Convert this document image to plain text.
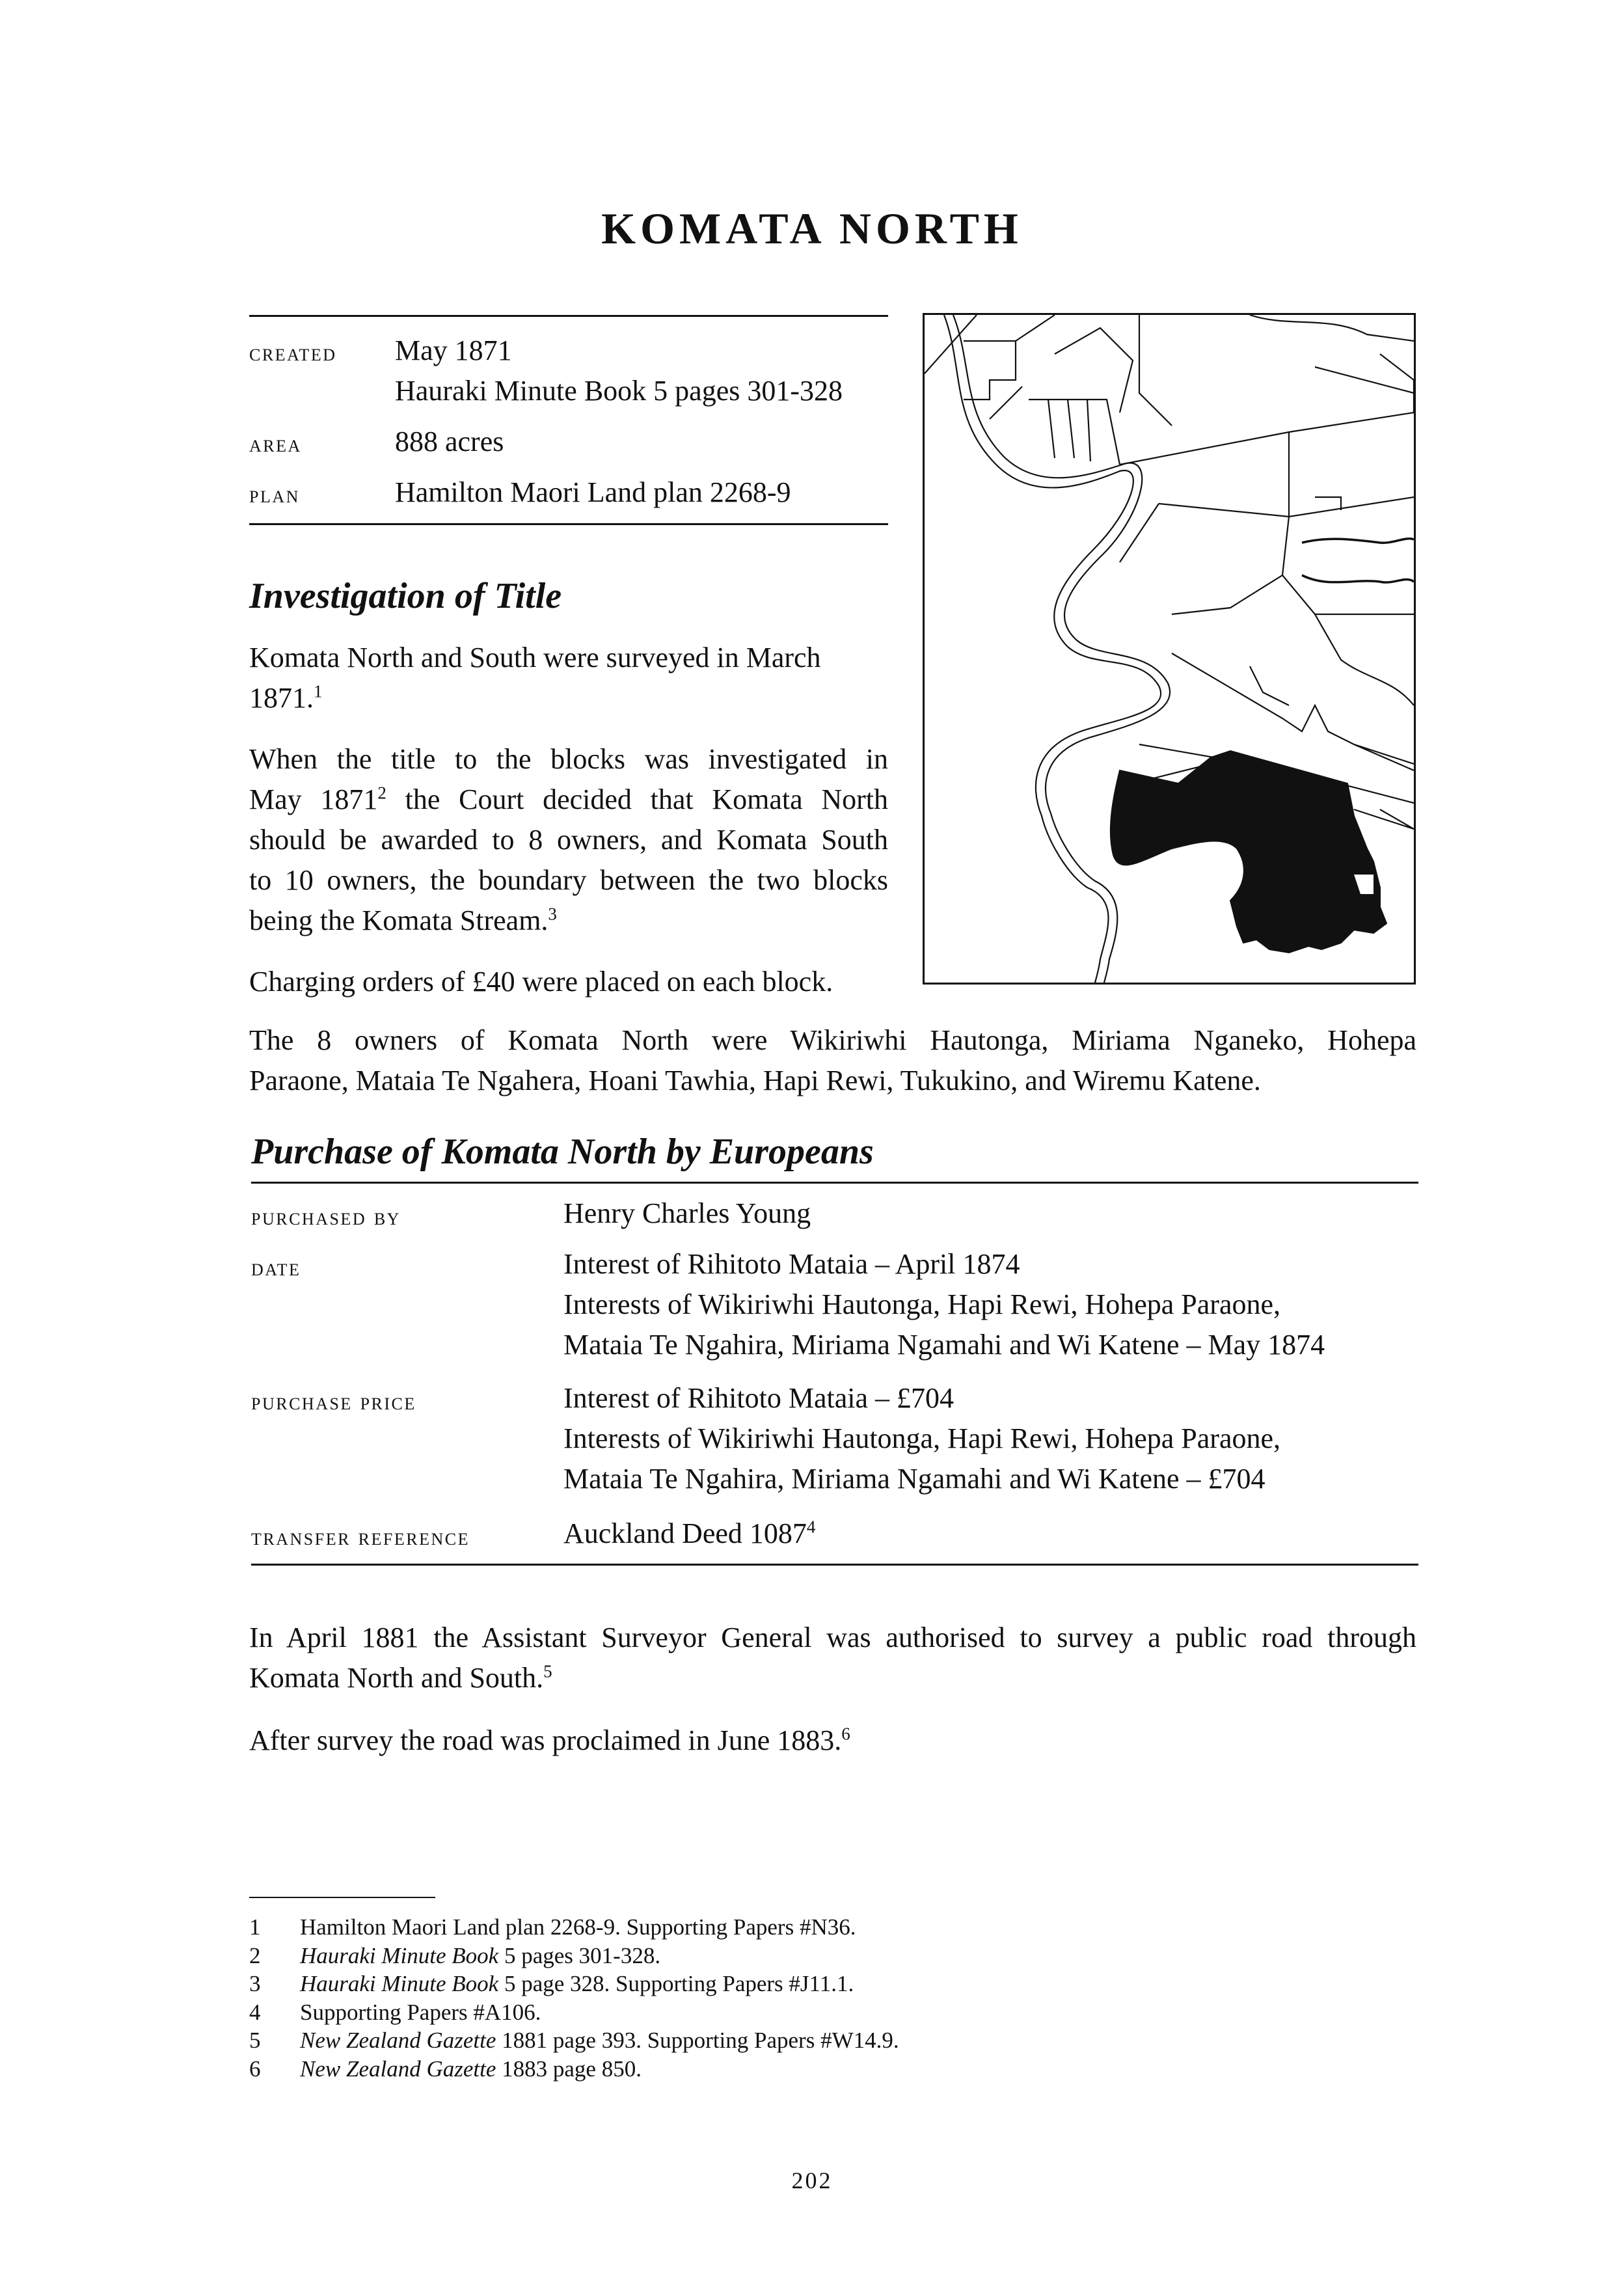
KOMATA NORTH
created May 1871
Hauraki Minute Book 5 pages 301-328
area	888 acres
plan	Hamilton Maori Land plan 2268-9
Investigation of Title
Komata North and South were surveyed in March
1871.$^1$
When the title to the blocks was investigated in
May 1871$^2$ the Court decided that Komata North
should be awarded to 8 owners, and Komata South
to 10 owners, the boundary between the two blocks
being the Komata Stream.$^3$
Charging orders of £40 were placed on each block.
The 8 owners of Komata North were Wikiriwhi Hautonga, Miriama Nganeko, Hohepa
Paraone, Mataia Te Ngahera, Hoani Tawhia, Hapi Rewi, Tukukino, and Wiremu Katene.
Purchase of Komata North by Europeans
purchased by	Henry Charles Young
date	Interest of Rihitoto Mataia – April 1874
Interests of Wikiriwhi Hautonga, Hapi Rewi, Hohepa Paraone,
Mataia Te Ngahira, Miriama Ngamahi and Wi Katene – May 1874
purchase price	Interest of Rihitoto Mataia – £704
Interests of Wikiriwhi Hautonga, Hapi Rewi, Hohepa Paraone,
Mataia Te Ngahira, Miriama Ngamahi and Wi Katene – £704
transfer reference	Auckland Deed 1087$^4$
In April 1881 the Assistant Surveyor General was authorised to survey a public road through
Komata North and South.$^5$
After survey the road was proclaimed in June 1883.$^6$
1	Hamilton Maori Land plan 2268-9. Supporting Papers #N36.
2	Hauraki Minute Book 5 pages 301-328.
3	Hauraki Minute Book 5 page 328. Supporting Papers #J11.1.
4	Supporting Papers #A106.
5	New Zealand Gazette 1881 page 393. Supporting Papers #W14.9.
6	New Zealand Gazette 1883 page 850.
202
